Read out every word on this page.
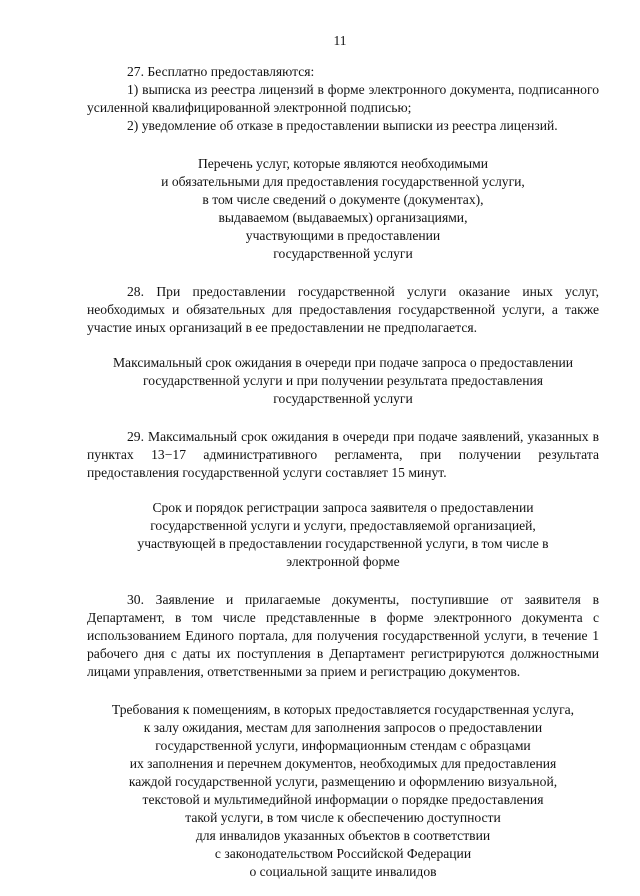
11

27. Бесплатно предоставляются:

1) выписка из реестра лицензий в форме электронного документа, подписанного усиленной квалифицированной электронной подписью;

2) уведомление об отказе в предоставлении выписки из реестра лицензий.

Перечень услуг, которые являются необходимыми
и обязательными для предоставления государственной услуги,
в том числе сведений о документе (документах),
выдаваемом (выдаваемых) организациями,
участвующими в предоставлении
государственной услуги

28. При предоставлении государственной услуги оказание иных услуг, необходимых и обязательных для предоставления государственной услуги, а также участие иных организаций в ее предоставлении не предполагается.

Максимальный срок ожидания в очереди при подаче запроса о предоставлении
государственной услуги и при получении результата предоставления
государственной услуги

29. Максимальный срок ожидания в очереди при подаче заявлений, указанных в пунктах 13−17 административного регламента, при получении результата предоставления государственной услуги составляет 15 минут.

Срок и порядок регистрации запроса заявителя о предоставлении
государственной услуги и услуги, предоставляемой организацией,
участвующей в предоставлении государственной услуги, в том числе в
электронной форме

30. Заявление и прилагаемые документы, поступившие от заявителя в Департамент, в том числе представленные в форме электронного документа с использованием Единого портала, для получения государственной услуги, в течение 1 рабочего дня с даты их поступления в Департамент регистрируются должностными лицами управления, ответственными за прием и регистрацию документов.

Требования к помещениям, в которых предоставляется государственная услуга,
к залу ожидания, местам для заполнения запросов о предоставлении
государственной услуги, информационным стендам с образцами
их заполнения и перечнем документов, необходимых для предоставления
каждой государственной услуги, размещению и оформлению визуальной,
текстовой и мультимедийной информации о порядке предоставления
такой услуги, в том числе к обеспечению доступности
для инвалидов указанных объектов в соответствии
с законодательством Российской Федерации
о социальной защите инвалидов
